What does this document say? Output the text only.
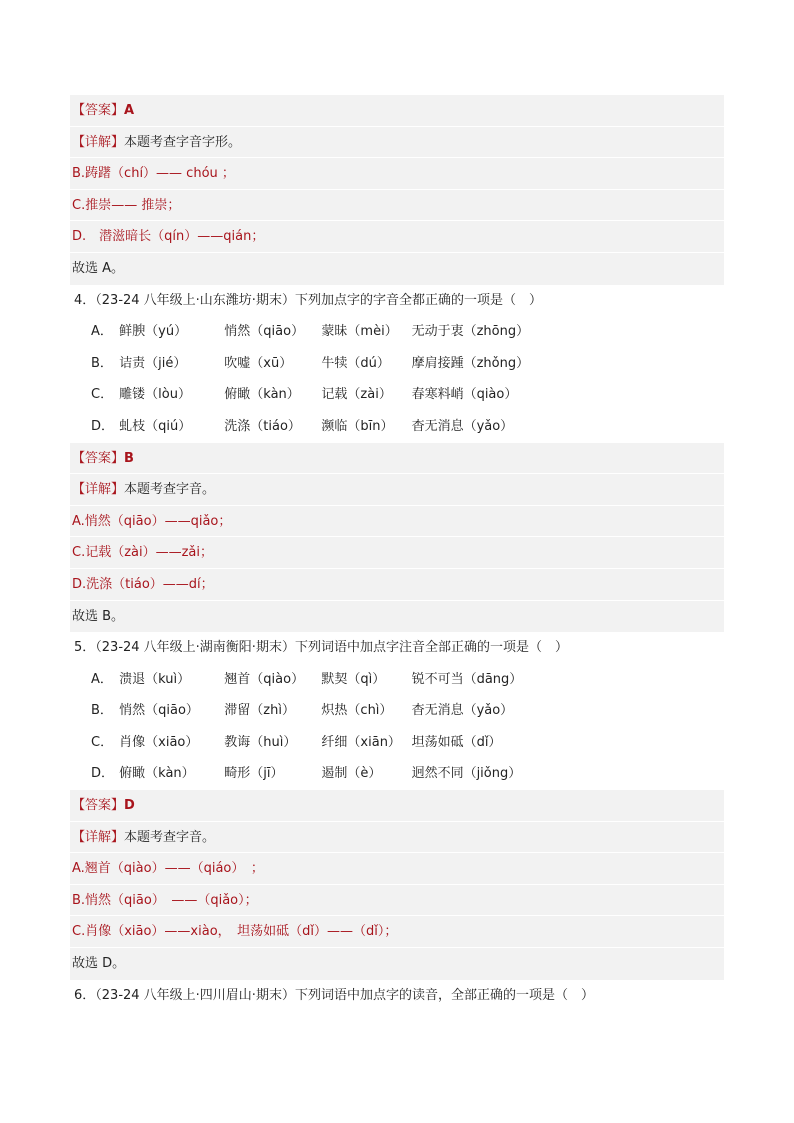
【答案】A
【详解】本题考查字音字形。
B.踌躇（chí）—— chóu ；
C.推崇—— 推崇；
D.　潜滋暗长（qín）——qián；
故选 A。
4．（23-24 八年级上·山东潍坊·期末）下列加点字的字音全都正确的一项是（　）
A． 鲜腴（yú）	悄然（qiāo） 蒙昧（mèi） 无动于衷（zhōng）
B． 诘责（jié）	吹嘘（xū） 牛犊（dú） 摩肩接踵（zhǒng）
C． 雕镂（lòu）	俯瞰（kàn） 记载（zài） 春寒料峭（qiào）
D． 虬枝（qiú）	洗涤（tiáo） 濒临（bīn） 杳无消息（yǎo）
【答案】B
【详解】本题考查字音。
A.悄然（qiāo）——qiǎo；
C.记载（zài）——zǎi；
D.洗涤（tiáo）——dí；
故选 B。
5．（23-24 八年级上·湖南衡阳·期末）下列词语中加点字注音全部正确的一项是（　）
A． 溃退（kuì）	翘首（qiào） 默契（qì） 锐不可当（dāng）
B． 悄然（qiāo） 滞留（zhì） 炽热（chì） 杳无消息（yǎo）
C． 肖像（xiāo） 教诲（huì） 纤细（xiān） 坦荡如砥（dǐ）
D． 俯瞰（kàn） 畸形（jī）	遏制（è） 迥然不同（jiǒng）
【答案】D
【详解】本题考查字音。
A.翘首（qiào）——（qiáo）　；
B.悄然（qiāo）　——（qiǎo）；
C.肖像（xiāo）——xiào，　坦荡如砥（dǐ）——（dǐ）；
故选 D。
6．（23-24 八年级上·四川眉山·期末）下列词语中加点字的读音，全部正确的一项是（　）
